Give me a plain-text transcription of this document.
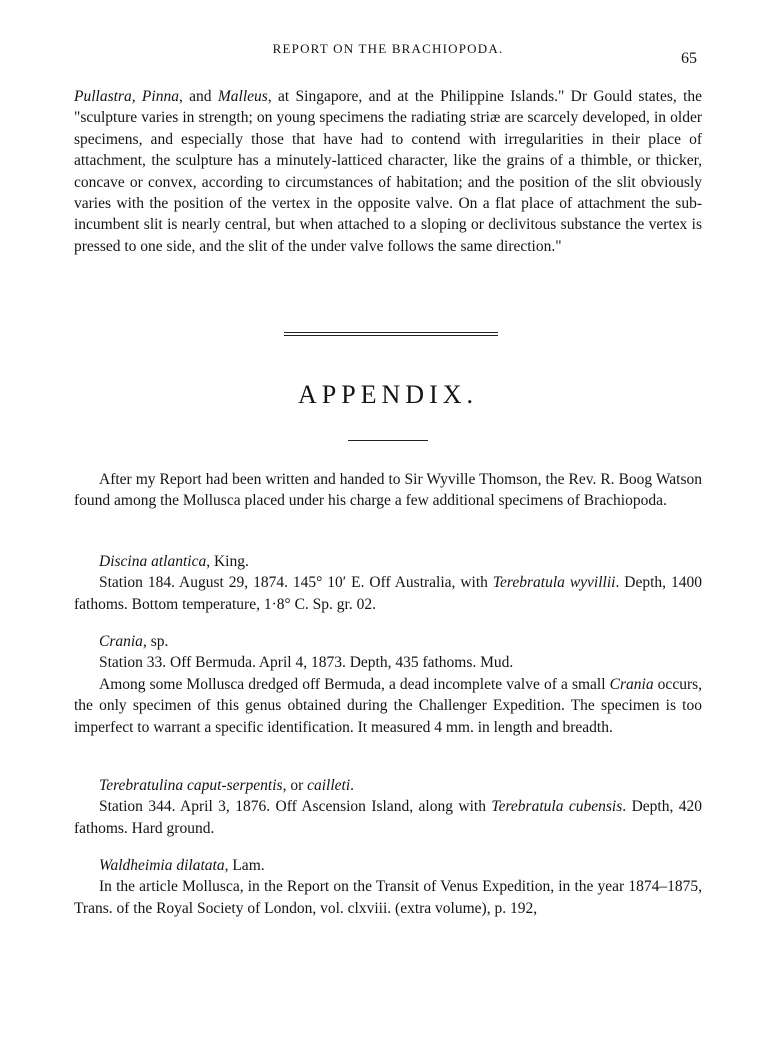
REPORT ON THE BRACHIOPODA.
65

Pullastra, Pinna, and Malleus, at Singapore, and at the Philippine Islands." Dr Gould states, the "sculpture varies in strength; on young specimens the radiating striæ are scarcely developed, in older specimens, and especially those that have had to contend with irregularities in their place of attachment, the sculpture has a minutely-latticed character, like the grains of a thimble, or thicker, concave or convex, according to circumstances of habitation; and the position of the slit obviously varies with the position of the vertex in the opposite valve. On a flat place of attachment the sub-incumbent slit is nearly central, but when attached to a sloping or declivitous substance the vertex is pressed to one side, and the slit of the under valve follows the same direction."

APPENDIX.

After my Report had been written and handed to Sir Wyville Thomson, the Rev. R. Boog Watson found among the Mollusca placed under his charge a few additional specimens of Brachiopoda.

Discina atlantica, King.

Station 184. August 29, 1874. 145° 10′ E. Off Australia, with Terebratula wyvillii. Depth, 1400 fathoms. Bottom temperature, 1·8° C. Sp. gr. 02.

Crania, sp.

Station 33. Off Bermuda. April 4, 1873. Depth, 435 fathoms. Mud.

Among some Mollusca dredged off Bermuda, a dead incomplete valve of a small Crania occurs, the only specimen of this genus obtained during the Challenger Expedition. The specimen is too imperfect to warrant a specific identification. It measured 4 mm. in length and breadth.

Terebratulina caput-serpentis, or cailleti.

Station 344. April 3, 1876. Off Ascension Island, along with Terebratula cubensis. Depth, 420 fathoms. Hard ground.

Waldheimia dilatata, Lam.

In the article Mollusca, in the Report on the Transit of Venus Expedition, in the year 1874–1875, Trans. of the Royal Society of London, vol. clxviii. (extra volume), p. 192,
